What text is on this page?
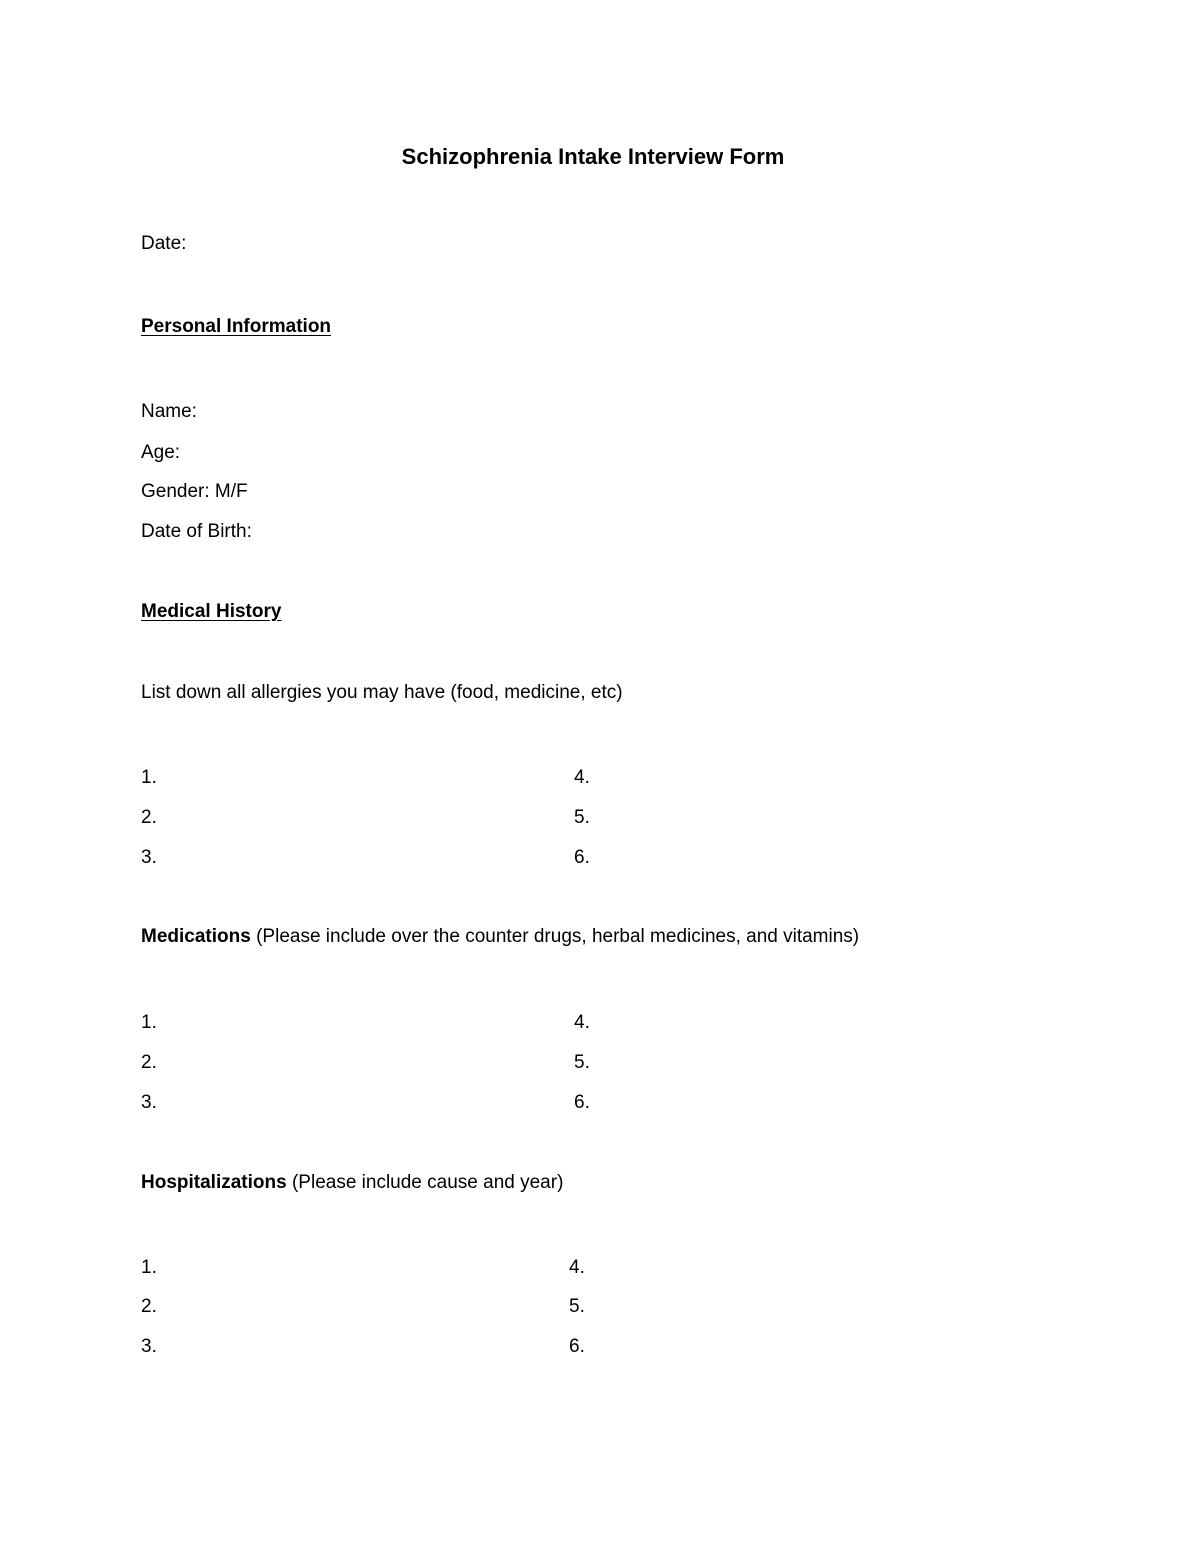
Schizophrenia Intake Interview Form

Date:

Personal Information

Name:

Age:

Gender: M/F

Date of Birth:

Medical History

List down all allergies you may have (food, medicine, etc)

1.

2.

3.

4.

5.

6.

Medications (Please include over the counter drugs, herbal medicines, and vitamins)

1.

2.

3.

4.

5.

6.

Hospitalizations (Please include cause and year)

1.

2.

3.

4.

5.

6.
